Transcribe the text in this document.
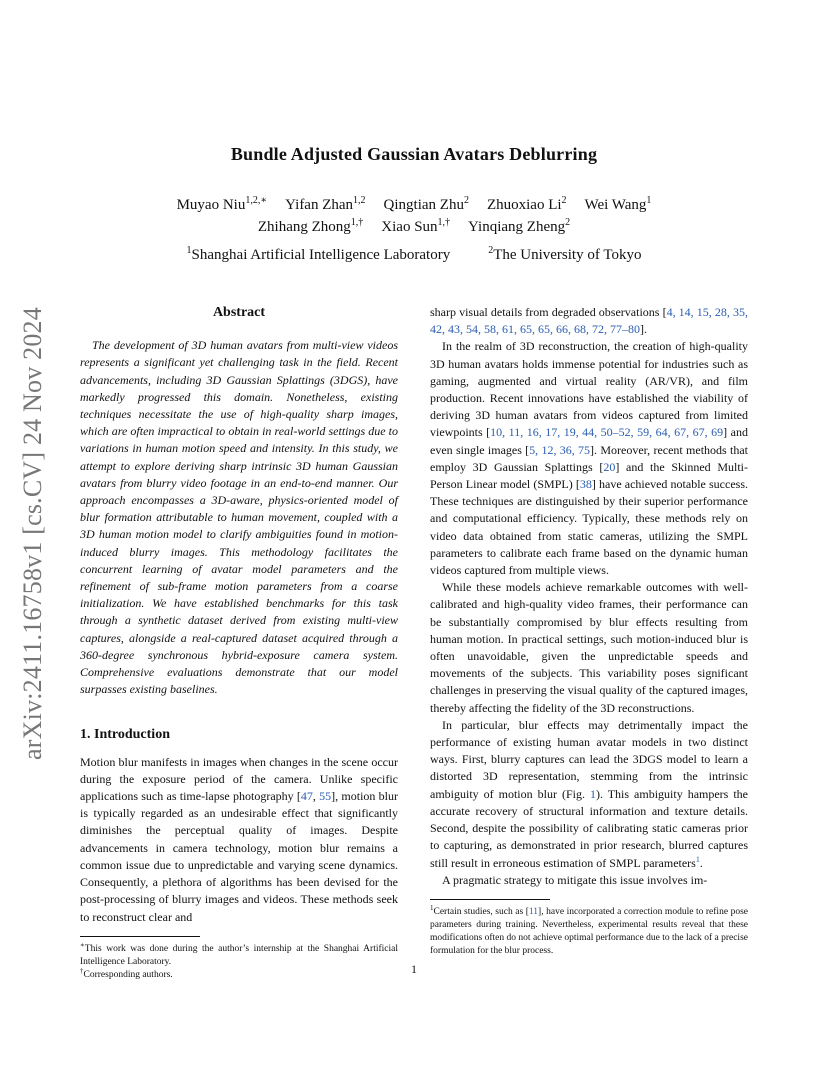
arXiv:2411.16758v1 [cs.CV] 24 Nov 2024
Bundle Adjusted Gaussian Avatars Deblurring
Muyao Niu$^{1,2,∗}$ Yifan Zhan$^{1,2}$ Qingtian Zhu$^2$ Zhuoxiao Li$^2$ Wei Wang$^1$
Zhihang Zhong$^{1,\dagger}$ Xiao Sun$^{1,\dagger}$ Yinqiang Zheng$^2$
$^1$Shanghai Artificial Intelligence Laboratory	$^2$The University of Tokyo
Abstract

The development of 3D human avatars from multi-view videos represents a significant yet challenging task in the field. Recent advancements, including 3D Gaussian Splattings (3DGS), have markedly progressed this domain. Nonetheless, existing techniques necessitate the use of high-quality sharp images, which are often impractical to obtain in real-world settings due to variations in human motion speed and intensity. In this study, we attempt to explore deriving sharp intrinsic 3D human Gaussian avatars from blurry video footage in an end-to-end manner. Our approach encompasses a 3D-aware, physics-oriented model of blur formation attributable to human movement, coupled with a 3D human motion model to clarify ambiguities found in motion-induced blurry images. This methodology facilitates the concurrent learning of avatar model parameters and the refinement of sub-frame motion parameters from a coarse initialization. We have established benchmarks for this task through a synthetic dataset derived from existing multi-view captures, alongside a real-captured dataset acquired through a 360-degree synchronous hybrid-exposure camera system. Comprehensive evaluations demonstrate that our model surpasses existing baselines.

1. Introduction

Motion blur manifests in images when changes in the scene occur during the exposure period of the camera. Unlike specific applications such as time-lapse photography [47, 55], motion blur is typically regarded as an undesirable effect that significantly diminishes the perceptual quality of images. Despite advancements in camera technology, motion blur remains a common issue due to unpredictable and varying scene dynamics. Consequently, a plethora of algorithms has been devised for the post-processing of blurry images and videos. These methods seek to reconstruct clear and

∗This work was done during the author’s internship at the Shanghai Artificial Intelligence Laboratory.

†Corresponding authors.

sharp visual details from degraded observations [4, 14, 15, 28, 35, 42, 43, 54, 58, 61, 65, 65, 66, 68, 72, 77–80].

In the realm of 3D reconstruction, the creation of high-quality 3D human avatars holds immense potential for industries such as gaming, augmented and virtual reality (AR/VR), and film production. Recent innovations have established the viability of deriving 3D human avatars from videos captured from limited viewpoints [10, 11, 16, 17, 19, 44, 50–52, 59, 64, 67, 67, 69] and even single images [5, 12, 36, 75]. Moreover, recent methods that employ 3D Gaussian Splattings [20] and the Skinned Multi-Person Linear model (SMPL) [38] have achieved notable success. These techniques are distinguished by their superior performance and computational efficiency. Typically, these methods rely on video data obtained from static cameras, utilizing the SMPL parameters to calibrate each frame based on the dynamic human videos captured from multiple views.

While these models achieve remarkable outcomes with well-calibrated and high-quality video frames, their performance can be substantially compromised by blur effects resulting from human motion. In practical settings, such motion-induced blur is often unavoidable, given the unpredictable speeds and movements of the subjects. This variability poses significant challenges in preserving the visual quality of the captured images, thereby affecting the fidelity of the 3D reconstructions.

In particular, blur effects may detrimentally impact the performance of existing human avatar models in two distinct ways. First, blurry captures can lead the 3DGS model to learn a distorted 3D representation, stemming from the intrinsic ambiguity of motion blur (Fig. 1). This ambiguity hampers the accurate recovery of structural information and texture details. Second, despite the possibility of calibrating static cameras prior to capturing, as demonstrated in prior research, blurred captures still result in erroneous estimation of SMPL parameters$^1$.

A pragmatic strategy to mitigate this issue involves im-

$^1$Certain studies, such as [11], have incorporated a correction module to refine pose parameters during training. Nevertheless, experimental results reveal that these modifications often do not achieve optimal performance due to the lack of a precise formulation for the blur process.

1
